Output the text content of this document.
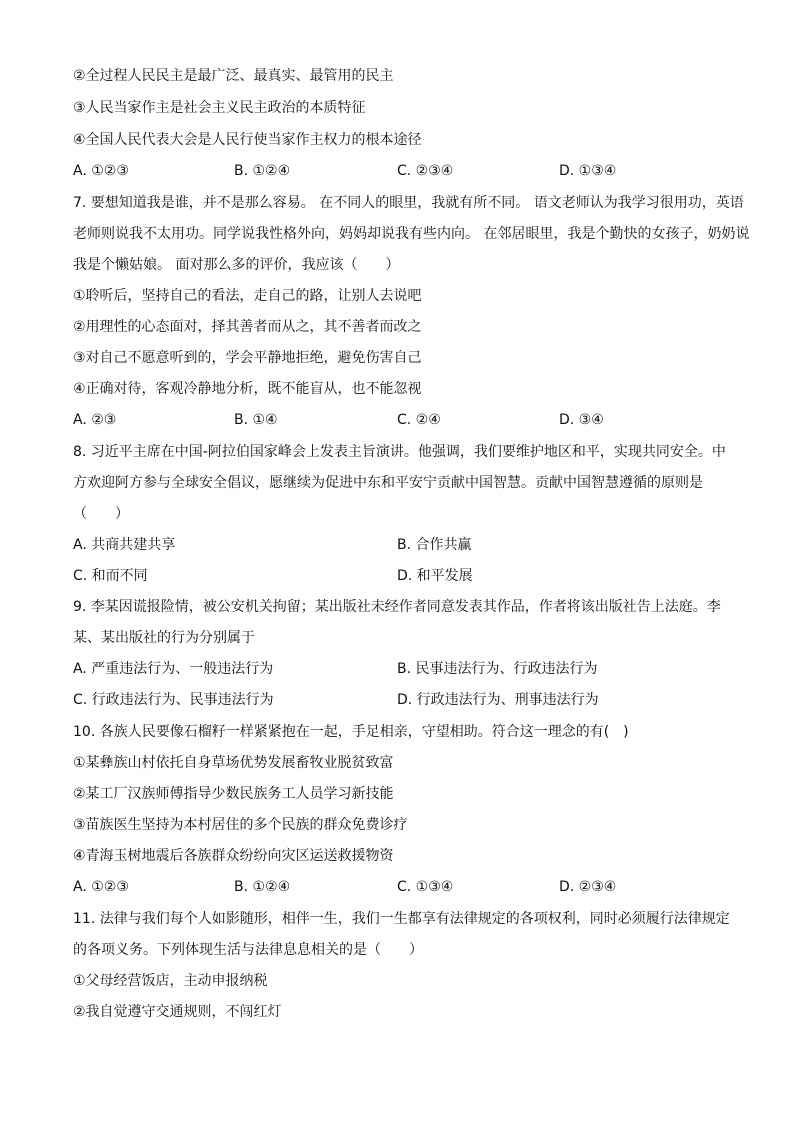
②全过程人民民主是最广泛、最真实、最管用的民主
③人民当家作主是社会主义民主政治的本质特征
④全国人民代表大会是人民行使当家作主权力的根本途径
A. ①②③	B. ①②④	C. ②③④	D. ①③④
7. 要想知道我是谁，并不是那么容易。 在不同人的眼里，我就有所不同。 语文老师认为我学习很用功，英语
老师则说我不太用功。同学说我性格外向，妈妈却说我有些内向。 在邻居眼里，我是个勤快的女孩子，奶奶说
我是个懒姑娘。 面对那么多的评价，我应该（　　）
①聆听后，坚持自己的看法，走自己的路，让别人去说吧
②用理性的心态面对，择其善者而从之，其不善者而改之
③对自己不愿意听到的，学会平静地拒绝，避免伤害自己
④正确对待，客观冷静地分析，既不能盲从，也不能忽视
A. ②③	B. ①④	C. ②④	D. ③④
8. 习近平主席在中国-阿拉伯国家峰会上发表主旨演讲。他强调，我们要维护地区和平，实现共同安全。中
方欢迎阿方参与全球安全倡议，愿继续为促进中东和平安宁贡献中国智慧。贡献中国智慧遵循的原则是
（　　）
A. 共商共建共享	B. 合作共赢
C. 和而不同	D. 和平发展
9. 李某因谎报险情，被公安机关拘留；某出版社未经作者同意发表其作品，作者将该出版社告上法庭。李
某、某出版社的行为分别属于
A. 严重违法行为、一般违法行为	B. 民事违法行为、行政违法行为
C. 行政违法行为、民事违法行为	D. 行政违法行为、刑事违法行为
10. 各族人民要像石榴籽一样紧紧抱在一起，手足相亲，守望相助。符合这一理念的有(　)
①某彝族山村依托自身草场优势发展畜牧业脱贫致富
②某工厂汉族师傅指导少数民族务工人员学习新技能
③苗族医生坚持为本村居住的多个民族的群众免费诊疗
④青海玉树地震后各族群众纷纷向灾区运送救援物资
A. ①②③	B. ①②④	C. ①③④	D. ②③④
11. 法律与我们每个人如影随形，相伴一生，我们一生都享有法律规定的各项权利，同时必须履行法律规定
的各项义务。下列体现生活与法律息息相关的是（　　）
①父母经营饭店，主动申报纳税
②我自觉遵守交通规则，不闯红灯
